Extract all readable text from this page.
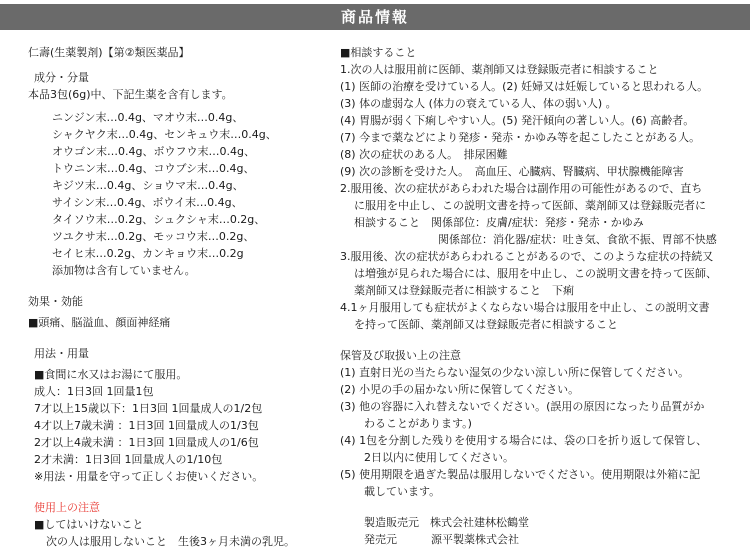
商品情報
仁壽(生薬製剤)【第②類医薬品】
成分・分量
本品3包(6g)中、下記生薬を含有します。
ニンジン末…0.4g、マオウ末…0.4g、
シャクヤク末…0.4g、センキュウ末…0.4g、
オウゴン末…0.4g、ボウフウ末…0.4g、
トウニン末…0.4g、コウブシ末…0.4g、
キジツ末…0.4g、ショウマ末…0.4g、
サイシン末…0.4g、ボウイ末…0.4g、
タイソウ末…0.2g、シュクシャ末…0.2g、
ツユクサ末…0.2g、モッコウ末…0.2g、
セイヒ末…0.2g、カンキョウ末…0.2g
添加物は含有していません。
効果・効能
■頭痛、脳溢血、顔面神経痛
用法・用量
■食間に水又はお湯にて服用。
成人：1日3回 1回量1包
7才以上15歳以下：1日3回 1回量成人の1/2包
4才以上7歳未満 ：1日3回 1回量成人の1/3包
2才以上4歳未満 ：1日3回 1回量成人の1/6包
2才未満：1日3回 1回量成人の1/10包
※用法・用量を守って正しくお使いください。
使用上の注意
■してはいけないこと
次の人は服用しないこと　生後3ヶ月未満の乳児。
■相談すること
1.次の人は服用前に医師、薬剤師又は登録販売者に相談すること
(1) 医師の治療を受けている人。(2) 妊婦又は妊娠していると思われる人。
(3) 体の虚弱な人 (体力の衰えている人、体の弱い人) 。
(4) 胃腸が弱く下痢しやすい人。(5) 発汗傾向の著しい人。(6) 高齢者。
(7) 今まで薬などにより発疹・発赤・かゆみ等を起こしたことがある人。
(8) 次の症状のある人。　排尿困難
(9) 次の診断を受けた人。　高血圧、心臓病、腎臓病、甲状腺機能障害
2.服用後、次の症状があらわれた場合は副作用の可能性があるので、直ち
に服用を中止し、この説明文書を持って医師、薬剤師又は登録販売者に
相談すること　関係部位：皮膚/症状：発疹・発赤・かゆみ
関係部位：消化器/症状：吐き気、食欲不振、胃部不快感
3.服用後、次の症状があらわれることがあるので、このような症状の持続又
は増強が見られた場合には、服用を中止し、この説明文書を持って医師、
薬剤師又は登録販売者に相談すること　下痢
4.1ヶ月服用しても症状がよくならない場合は服用を中止し、この説明文書
を持って医師、薬剤師又は登録販売者に相談すること
保管及び取扱い上の注意
(1) 直射日光の当たらない湿気の少ない涼しい所に保管してください。
(2) 小児の手の届かない所に保管してください。
(3) 他の容器に入れ替えないでください。(誤用の原因になったり品質がか
わることがあります。)
(4) 1包を分割した残りを使用する場合には、袋の口を折り返して保管し、
2日以内に使用してください。
(5) 使用期限を過ぎた製品は服用しないでください。使用期限は外箱に記
載しています。
製造販売元　 株式会社建林松鶴堂
発売元	源平製薬株式会社
